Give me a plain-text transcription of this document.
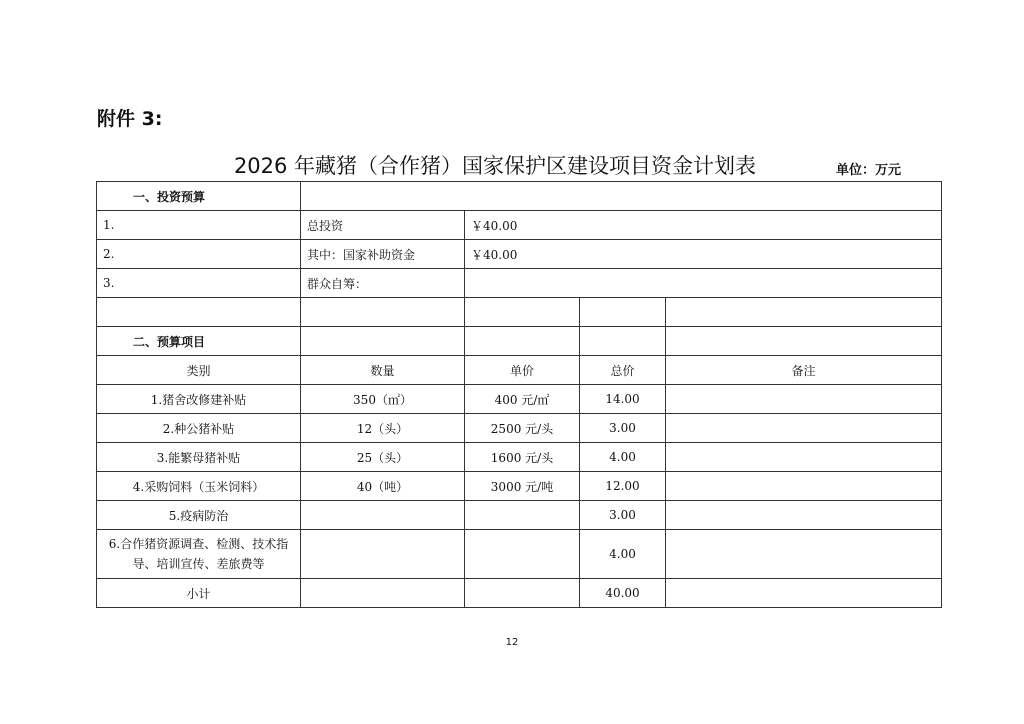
附件 3:
2026 年藏猪（合作猪）国家保护区建设项目资金计划表	单位：万元
一、投资预算				
1.	总投资	￥40.00		
2.	其中：国家补助资金	￥40.00		
3.	群众自筹：			

二、预算项目				
类别	数量	单价	总价	备注
1.猪舍改修建补贴	350（㎡）	400 元/㎡	14.00	
2.种公猪补贴	12（头）	2500 元/头	3.00	
3.能繁母猪补贴	25（头）	1600 元/头	4.00	
4.采购饲料（玉米饲料）	40（吨）	3000 元/吨	12.00	
5.疫病防治			3.00	
6.合作猪资源调查、检测、技术指导、培训宣传、差旅费等			4.00	
小计			40.00	
12
